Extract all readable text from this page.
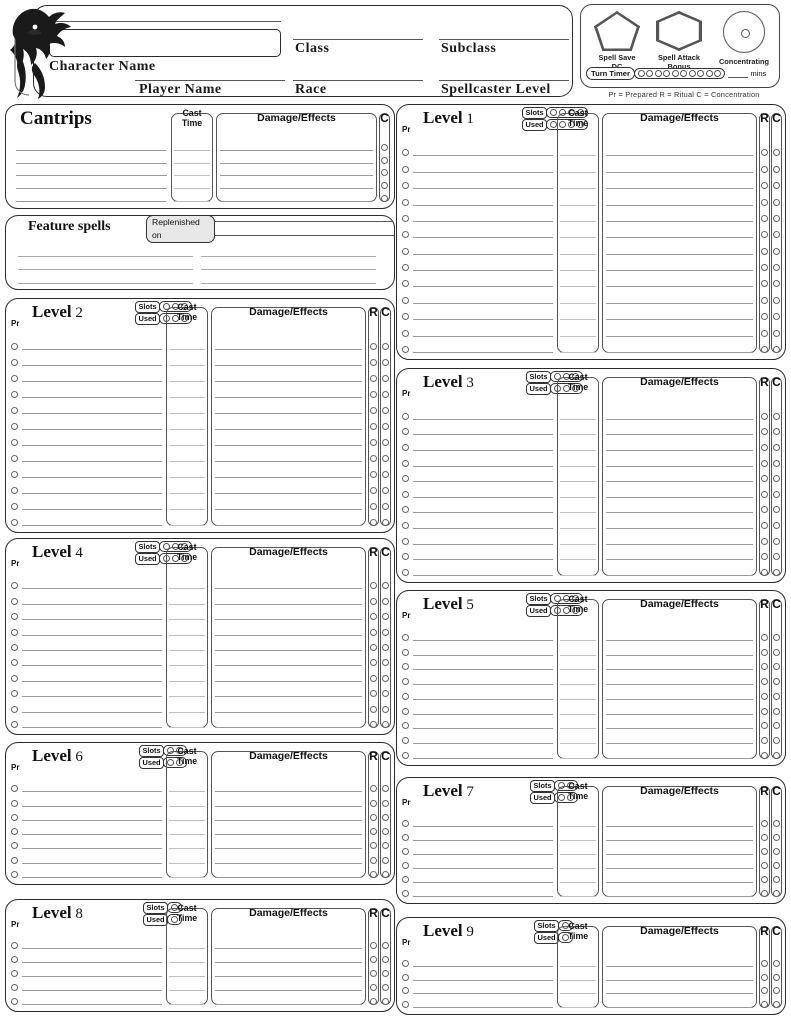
Character Name
Player Name
Class	Subclass
Race	Spellcaster Level
Spell Save	Spell Attack
Bonus
Concentrating
Turn Timer	mins
Pr = Prepared R = Ritual C = Concentration
Cantrips	Cast
Time	Damage/Effects	C
Feature spells	Replenished on
Level 1	Slots
Used
Cast
Time	Damage/Effects	R C
Pr
Level 2	Slots
Used
Cast
Time	Damage/Effects	R C
Pr
Level 3	Slots
Used
Cast
Time	Damage/Effects	R C
Pr
Level 4	Slots
Used
Cast
Time	Damage/Effects	R C
Pr
Level 5	Slots
Used
Cast
Time	Damage/Effects	R C
Pr
Level 6	Slots
Used
Cast
Time	Damage/Effects	R C
Pr
Level 7	Slots
Used
Cast
Time	Damage/Effects	R C
Pr
Level 8	Slots
Used
Cast
Time	Damage/Effects	R C
Pr	Level 9	Slots
Used
Cast
Time	Damage/Effects	R C
Pr
